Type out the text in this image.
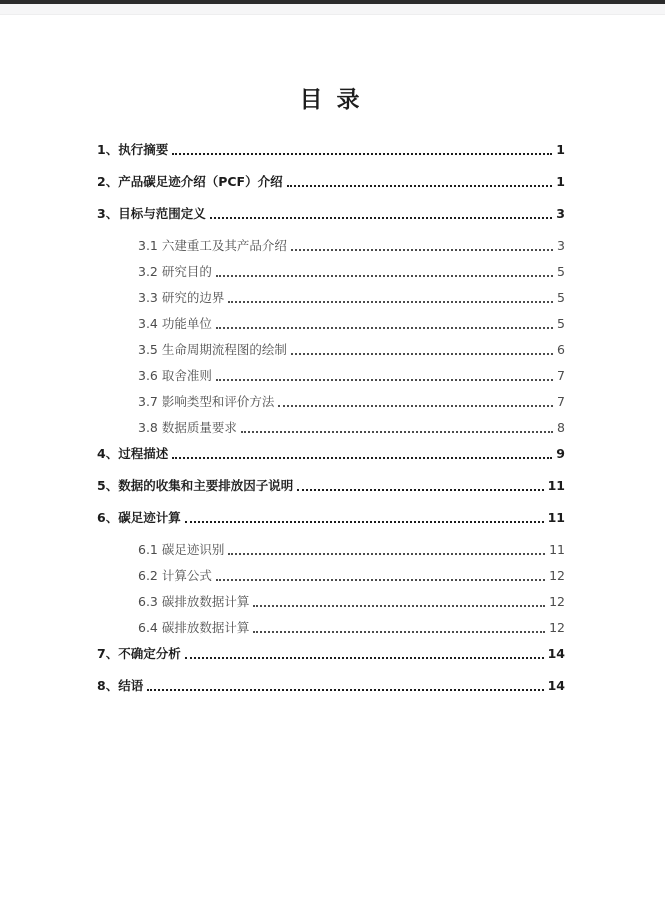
目 录
1、执行摘要	1
2、产品碳足迹介绍（PCF）介绍	1
3、目标与范围定义	3
3.1 六建重工及其产品介绍	3
3.2 研究目的	5
3.3 研究的边界	5
3.4 功能单位	5
3.5 生命周期流程图的绘制	6
3.6 取舍准则	7
3.7 影响类型和评价方法	7
3.8 数据质量要求	8
4、过程描述	9
5、数据的收集和主要排放因子说明	11
6、碳足迹计算	11
6.1 碳足迹识别	11
6.2 计算公式	12
6.3 碳排放数据计算	12
6.4 碳排放数据计算	12
7、不确定分析	14
8、结语	14
